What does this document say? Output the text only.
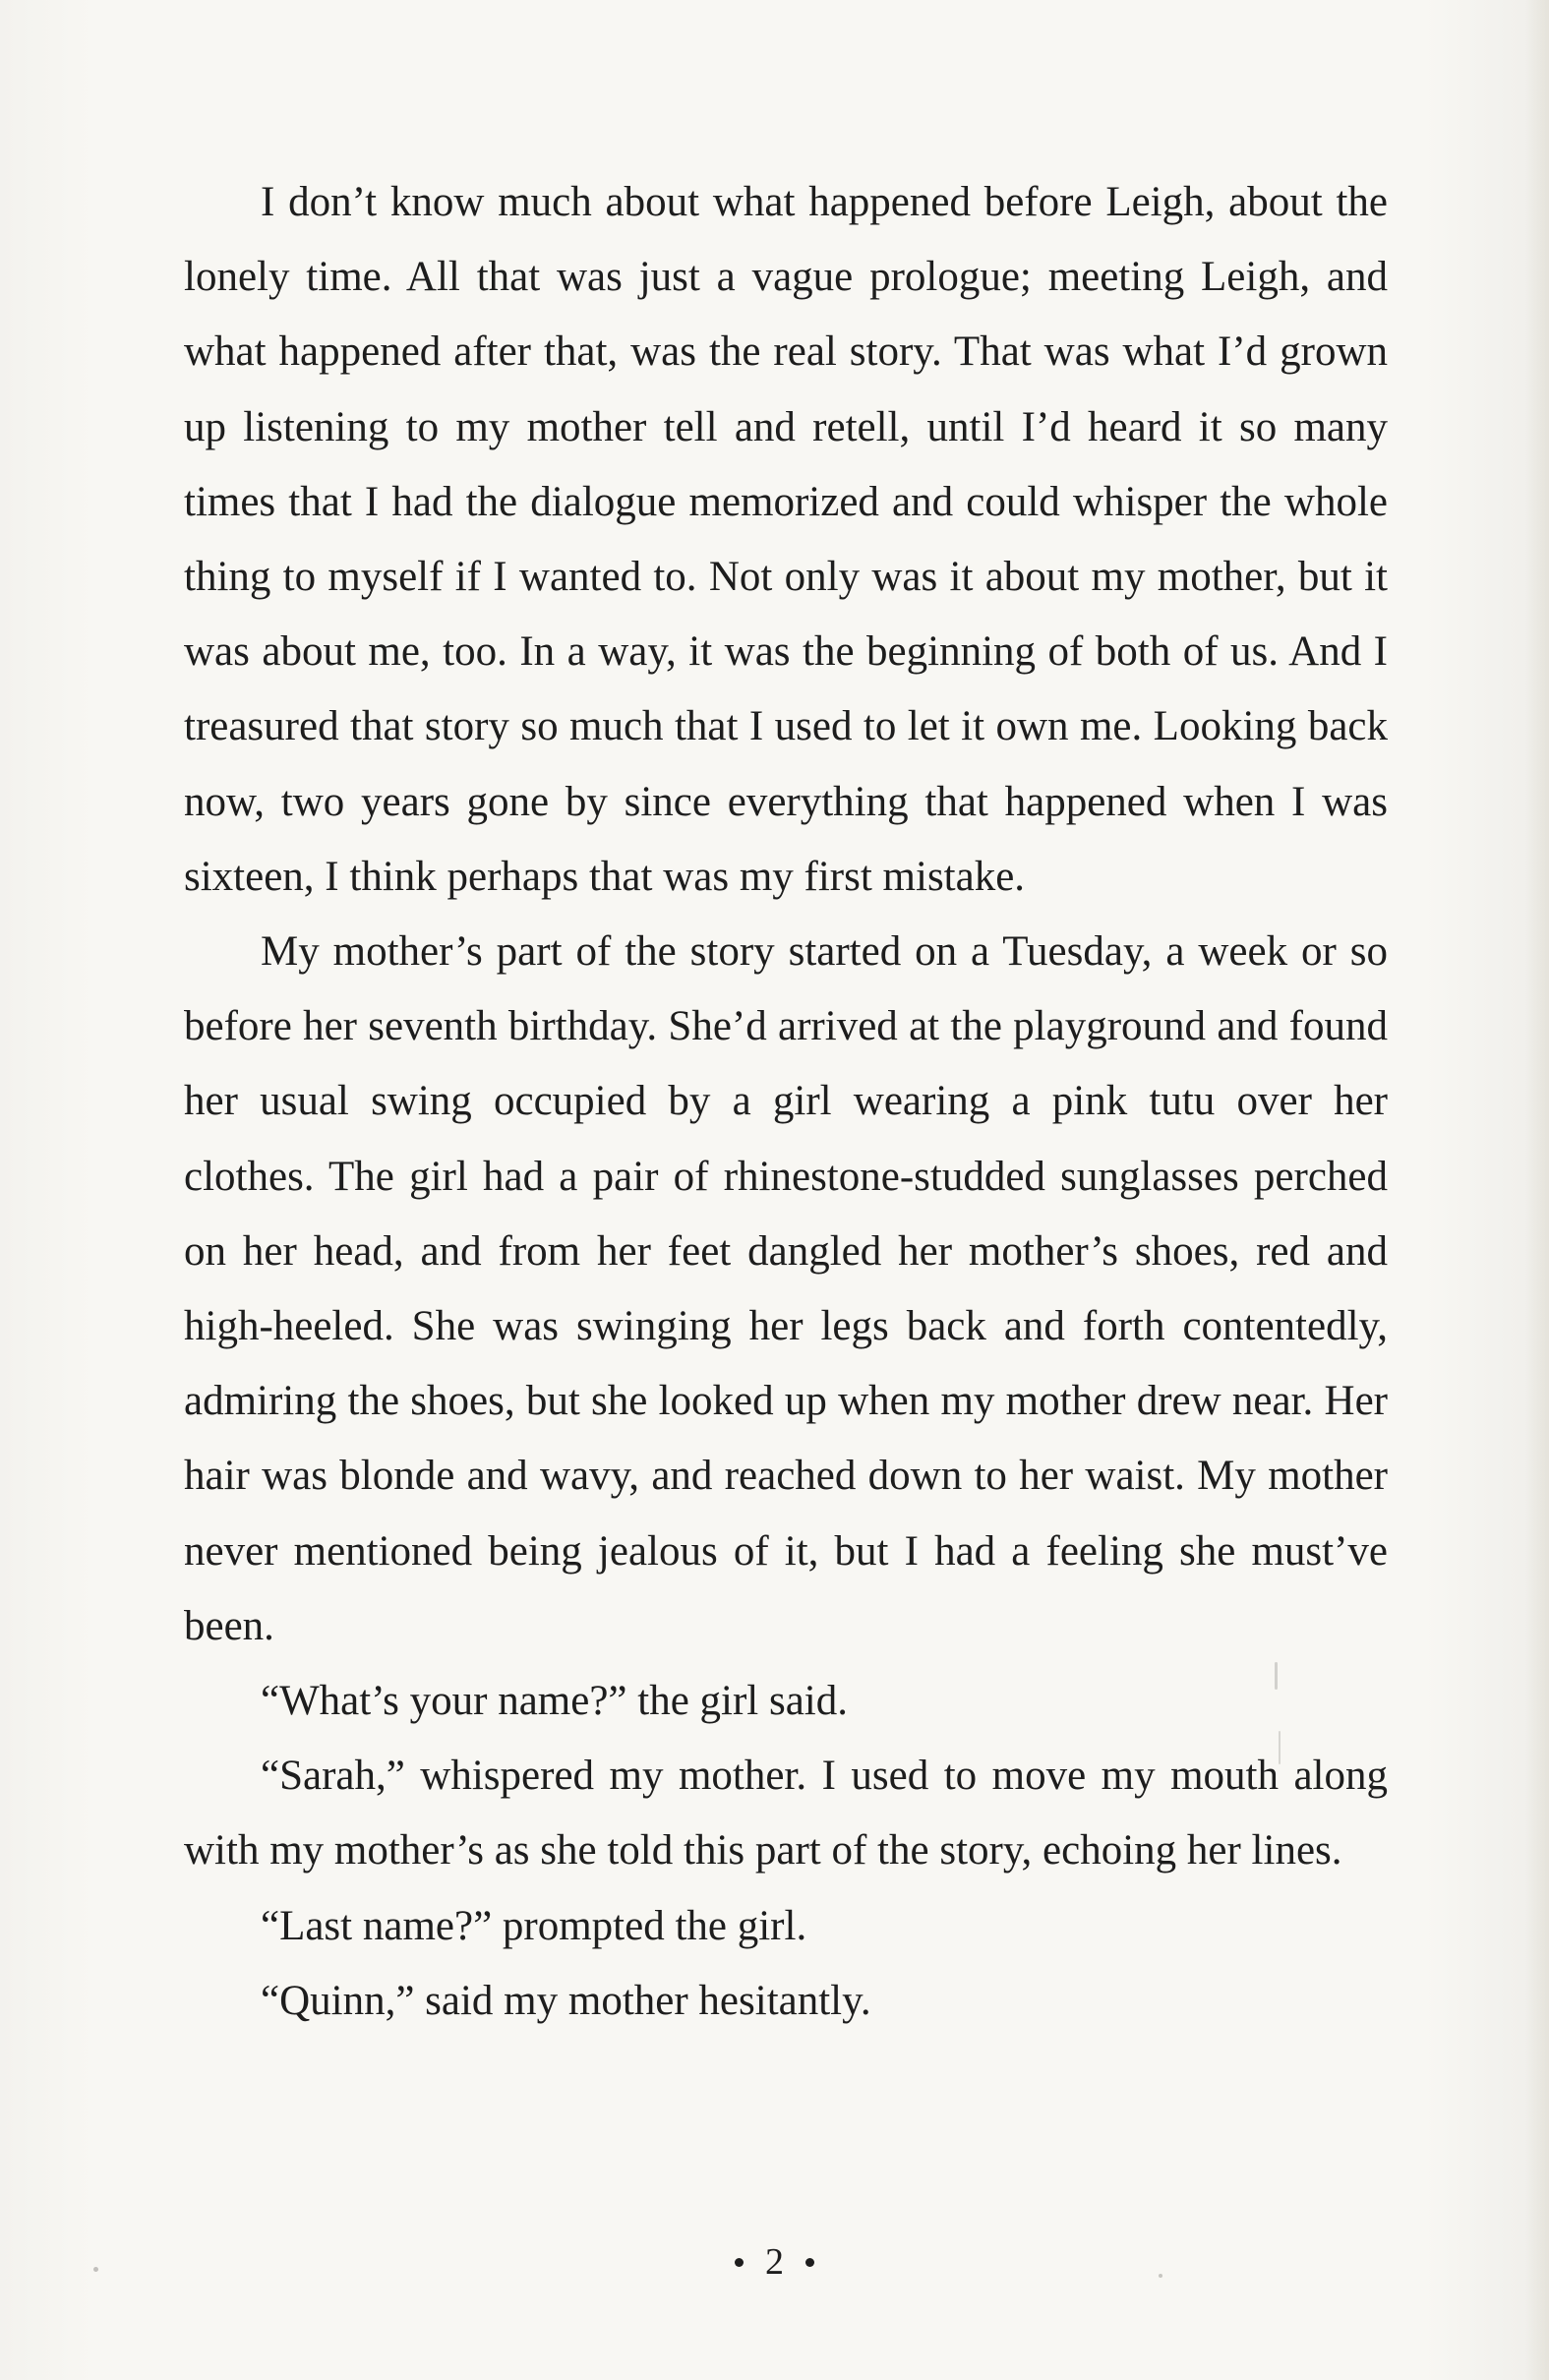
I don’t know much about what happened before Leigh, about the lonely time. All that was just a vague prologue; meeting Leigh, and what happened after that, was the real story. That was what I’d grown up listening to my mother tell and retell, until I’d heard it so many times that I had the dialogue memorized and could whisper the whole thing to myself if I wanted to. Not only was it about my mother, but it was about me, too. In a way, it was the beginning of both of us. And I treasured that story so much that I used to let it own me. Looking back now, two years gone by since everything that happened when I was sixteen, I think perhaps that was my first mistake.

My mother’s part of the story started on a Tuesday, a week or so before her seventh birthday. She’d arrived at the playground and found her usual swing occupied by a girl wearing a pink tutu over her clothes. The girl had a pair of rhinestone-studded sunglasses perched on her head, and from her feet dangled her mother’s shoes, red and high-heeled. She was swinging her legs back and forth contentedly, admiring the shoes, but she looked up when my mother drew near. Her hair was blonde and wavy, and reached down to her waist. My mother never mentioned being jealous of it, but I had a feeling she must’ve been.

“What’s your name?” the girl said.

“Sarah,” whispered my mother. I used to move my mouth along with my mother’s as she told this part of the story, echoing her lines.

“Last name?” prompted the girl.

“Quinn,” said my mother hesitantly.

2
